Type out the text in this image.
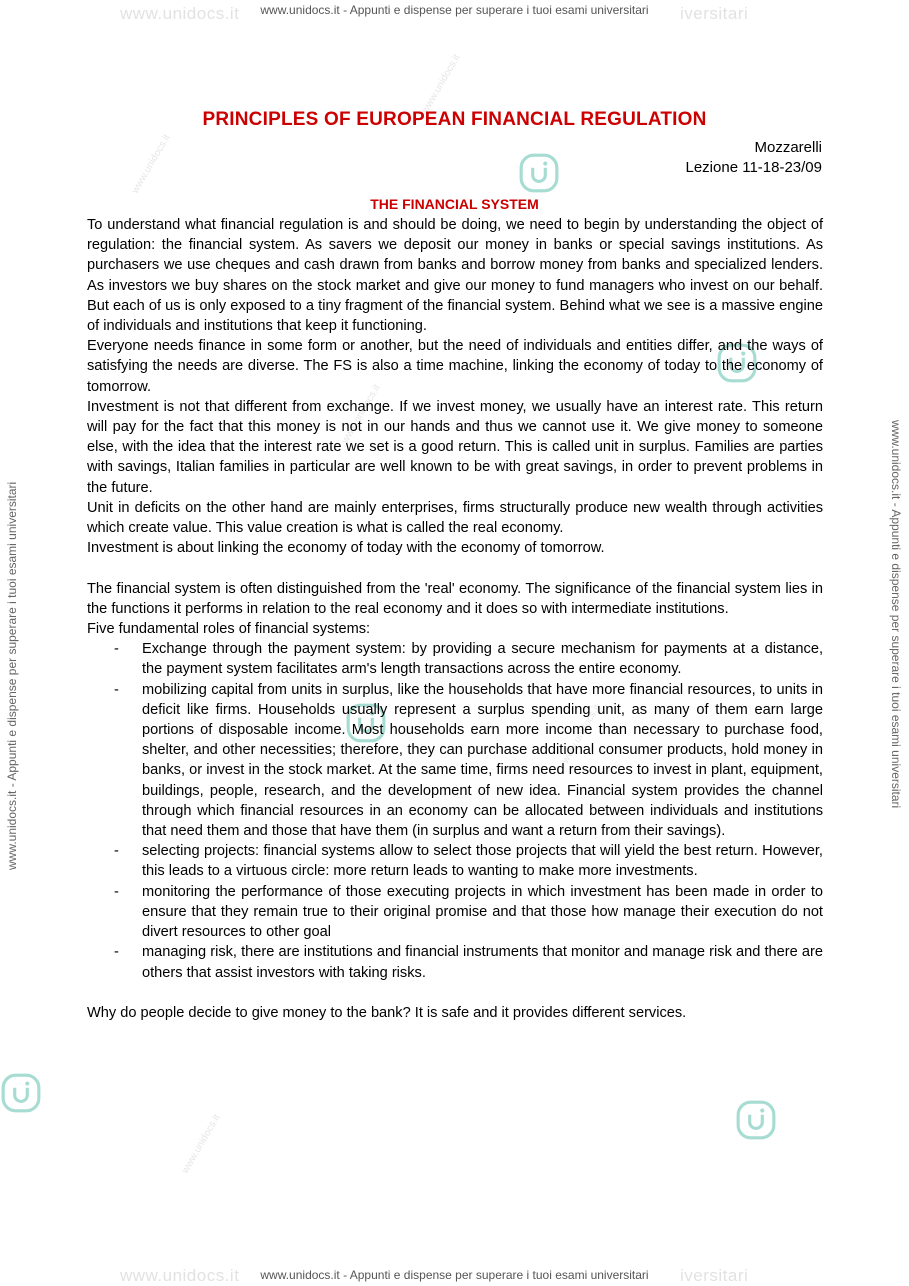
www.unidocs.it	iversitari
www.unidocs.it	iversitari
www.unidocs.it
www.unidocs.it
www.unidocs.it
www.unidocs.it
www.unidocs.it
www.unidocs.it - Appunti e dispense per superare i tuoi esami universitari	www.unidocs.it - Appunti e dispense per superare i tuoi esami universitari
www.unidocs.it - Appunti e dispense per superare i tuoi esami universitari
www.unidocs.it - Appunti e dispense per superare i tuoi esami universitari
PRINCIPLES OF EUROPEAN FINANCIAL REGULATION
Mozzarelli
Lezione 11-18-23/09
THE FINANCIAL SYSTEM

To understand what financial regulation is and should be doing, we need to begin by understanding the object of regulation: the financial system. As savers we deposit our money in banks or special savings institutions. As purchasers we use cheques and cash drawn from banks and borrow money from banks and specialized lenders. As investors we buy shares on the stock market and give our money to fund managers who invest on our behalf. But each of us is only exposed to a tiny fragment of the financial system. Behind what we see is a massive engine of individuals and institutions that keep it functioning.

Everyone needs finance in some form or another, but the need of individuals and entities differ, and the ways of satisfying the needs are diverse. The FS is also a time machine, linking the economy of today to the economy of tomorrow.

Investment is not that different from exchange. If we invest money, we usually have an interest rate. This return will pay for the fact that this money is not in our hands and thus we cannot use it. We give money to someone else, with the idea that the interest rate we set is a good return. This is called unit in surplus. Families are parties with savings, Italian families in particular are well known to be with great savings, in order to prevent problems in the future.

Unit in deficits on the other hand are mainly enterprises, firms structurally produce new wealth through activities which create value. This value creation is what is called the real economy.

Investment is about linking the economy of today with the economy of tomorrow.

The financial system is often distinguished from the 'real' economy. The significance of the financial system lies in the functions it performs in relation to the real economy and it does so with intermediate institutions.

Five fundamental roles of financial systems:

- Exchange through the payment system: by providing a secure mechanism for payments at a distance, the payment system facilitates arm's length transactions across the entire economy.
- mobilizing capital from units in surplus, like the households that have more financial resources, to units in deficit like firms. Households usually represent a surplus spending unit, as many of them earn large portions of disposable income. Most households earn more income than necessary to purchase food, shelter, and other necessities; therefore, they can purchase additional consumer products, hold money in banks, or invest in the stock market. At the same time, firms need resources to invest in plant, equipment, buildings, people, research, and the development of new idea. Financial system provides the channel through which financial resources in an economy can be allocated between individuals and institutions that need them and those that have them (in surplus and want a return from their savings).
- selecting projects: financial systems allow to select those projects that will yield the best return. However, this leads to a virtuous circle: more return leads to wanting to make more investments.
- monitoring the performance of those executing projects in which investment has been made in order to ensure that they remain true to their original promise and that those how manage their execution do not divert resources to other goal
- managing risk, there are institutions and financial instruments that monitor and manage risk and there are others that assist investors with taking risks.

Why do people decide to give money to the bank? It is safe and it provides different services.
